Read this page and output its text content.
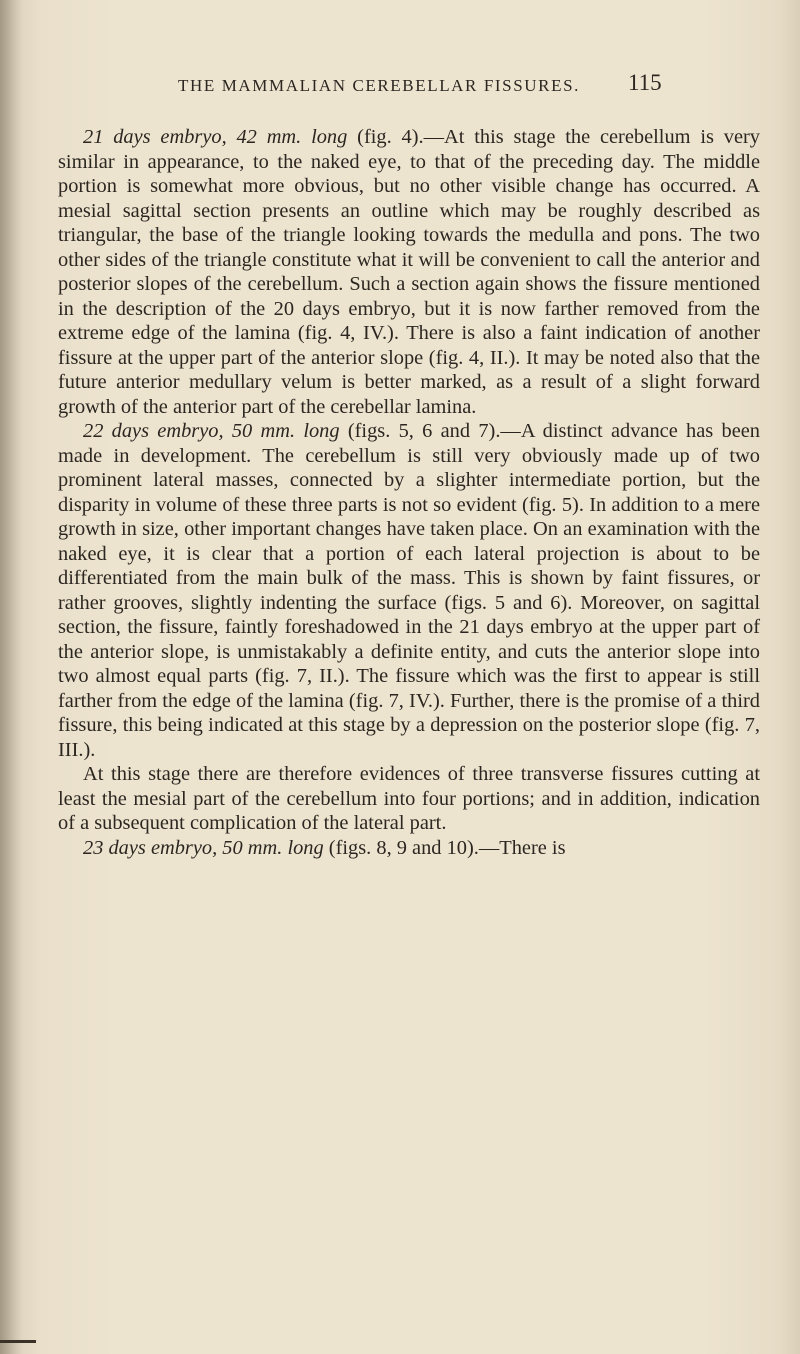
THE MAMMALIAN CEREBELLAR FISSURES.	115

21 days embryo, 42 mm. long (fig. 4).—At this stage the cerebellum is very similar in appearance, to the naked eye, to that of the preceding day. The middle portion is somewhat more obvious, but no other visible change has occurred. A mesial sagittal section presents an outline which may be roughly described as triangular, the base of the triangle looking towards the medulla and pons. The two other sides of the triangle constitute what it will be convenient to call the anterior and posterior slopes of the cerebellum. Such a section again shows the fissure mentioned in the description of the 20 days embryo, but it is now farther removed from the extreme edge of the lamina (fig. 4, IV.). There is also a faint indication of another fissure at the upper part of the anterior slope (fig. 4, II.). It may be noted also that the future anterior medullary velum is better marked, as a result of a slight forward growth of the anterior part of the cerebellar lamina.

22 days embryo, 50 mm. long (figs. 5, 6 and 7).—A distinct advance has been made in development. The cerebellum is still very obviously made up of two prominent lateral masses, connected by a slighter intermediate portion, but the disparity in volume of these three parts is not so evident (fig. 5). In addition to a mere growth in size, other important changes have taken place. On an examination with the naked eye, it is clear that a portion of each lateral projection is about to be differentiated from the main bulk of the mass. This is shown by faint fissures, or rather grooves, slightly indenting the surface (figs. 5 and 6). Moreover, on sagittal section, the fissure, faintly foreshadowed in the 21 days embryo at the upper part of the anterior slope, is unmistakably a definite entity, and cuts the anterior slope into two almost equal parts (fig. 7, II.). The fissure which was the first to appear is still farther from the edge of the lamina (fig. 7, IV.). Further, there is the promise of a third fissure, this being indicated at this stage by a depression on the posterior slope (fig. 7, III.).

At this stage there are therefore evidences of three transverse fissures cutting at least the mesial part of the cerebellum into four portions; and in addition, indication of a subsequent complication of the lateral part.

23 days embryo, 50 mm. long (figs. 8, 9 and 10).—There is
